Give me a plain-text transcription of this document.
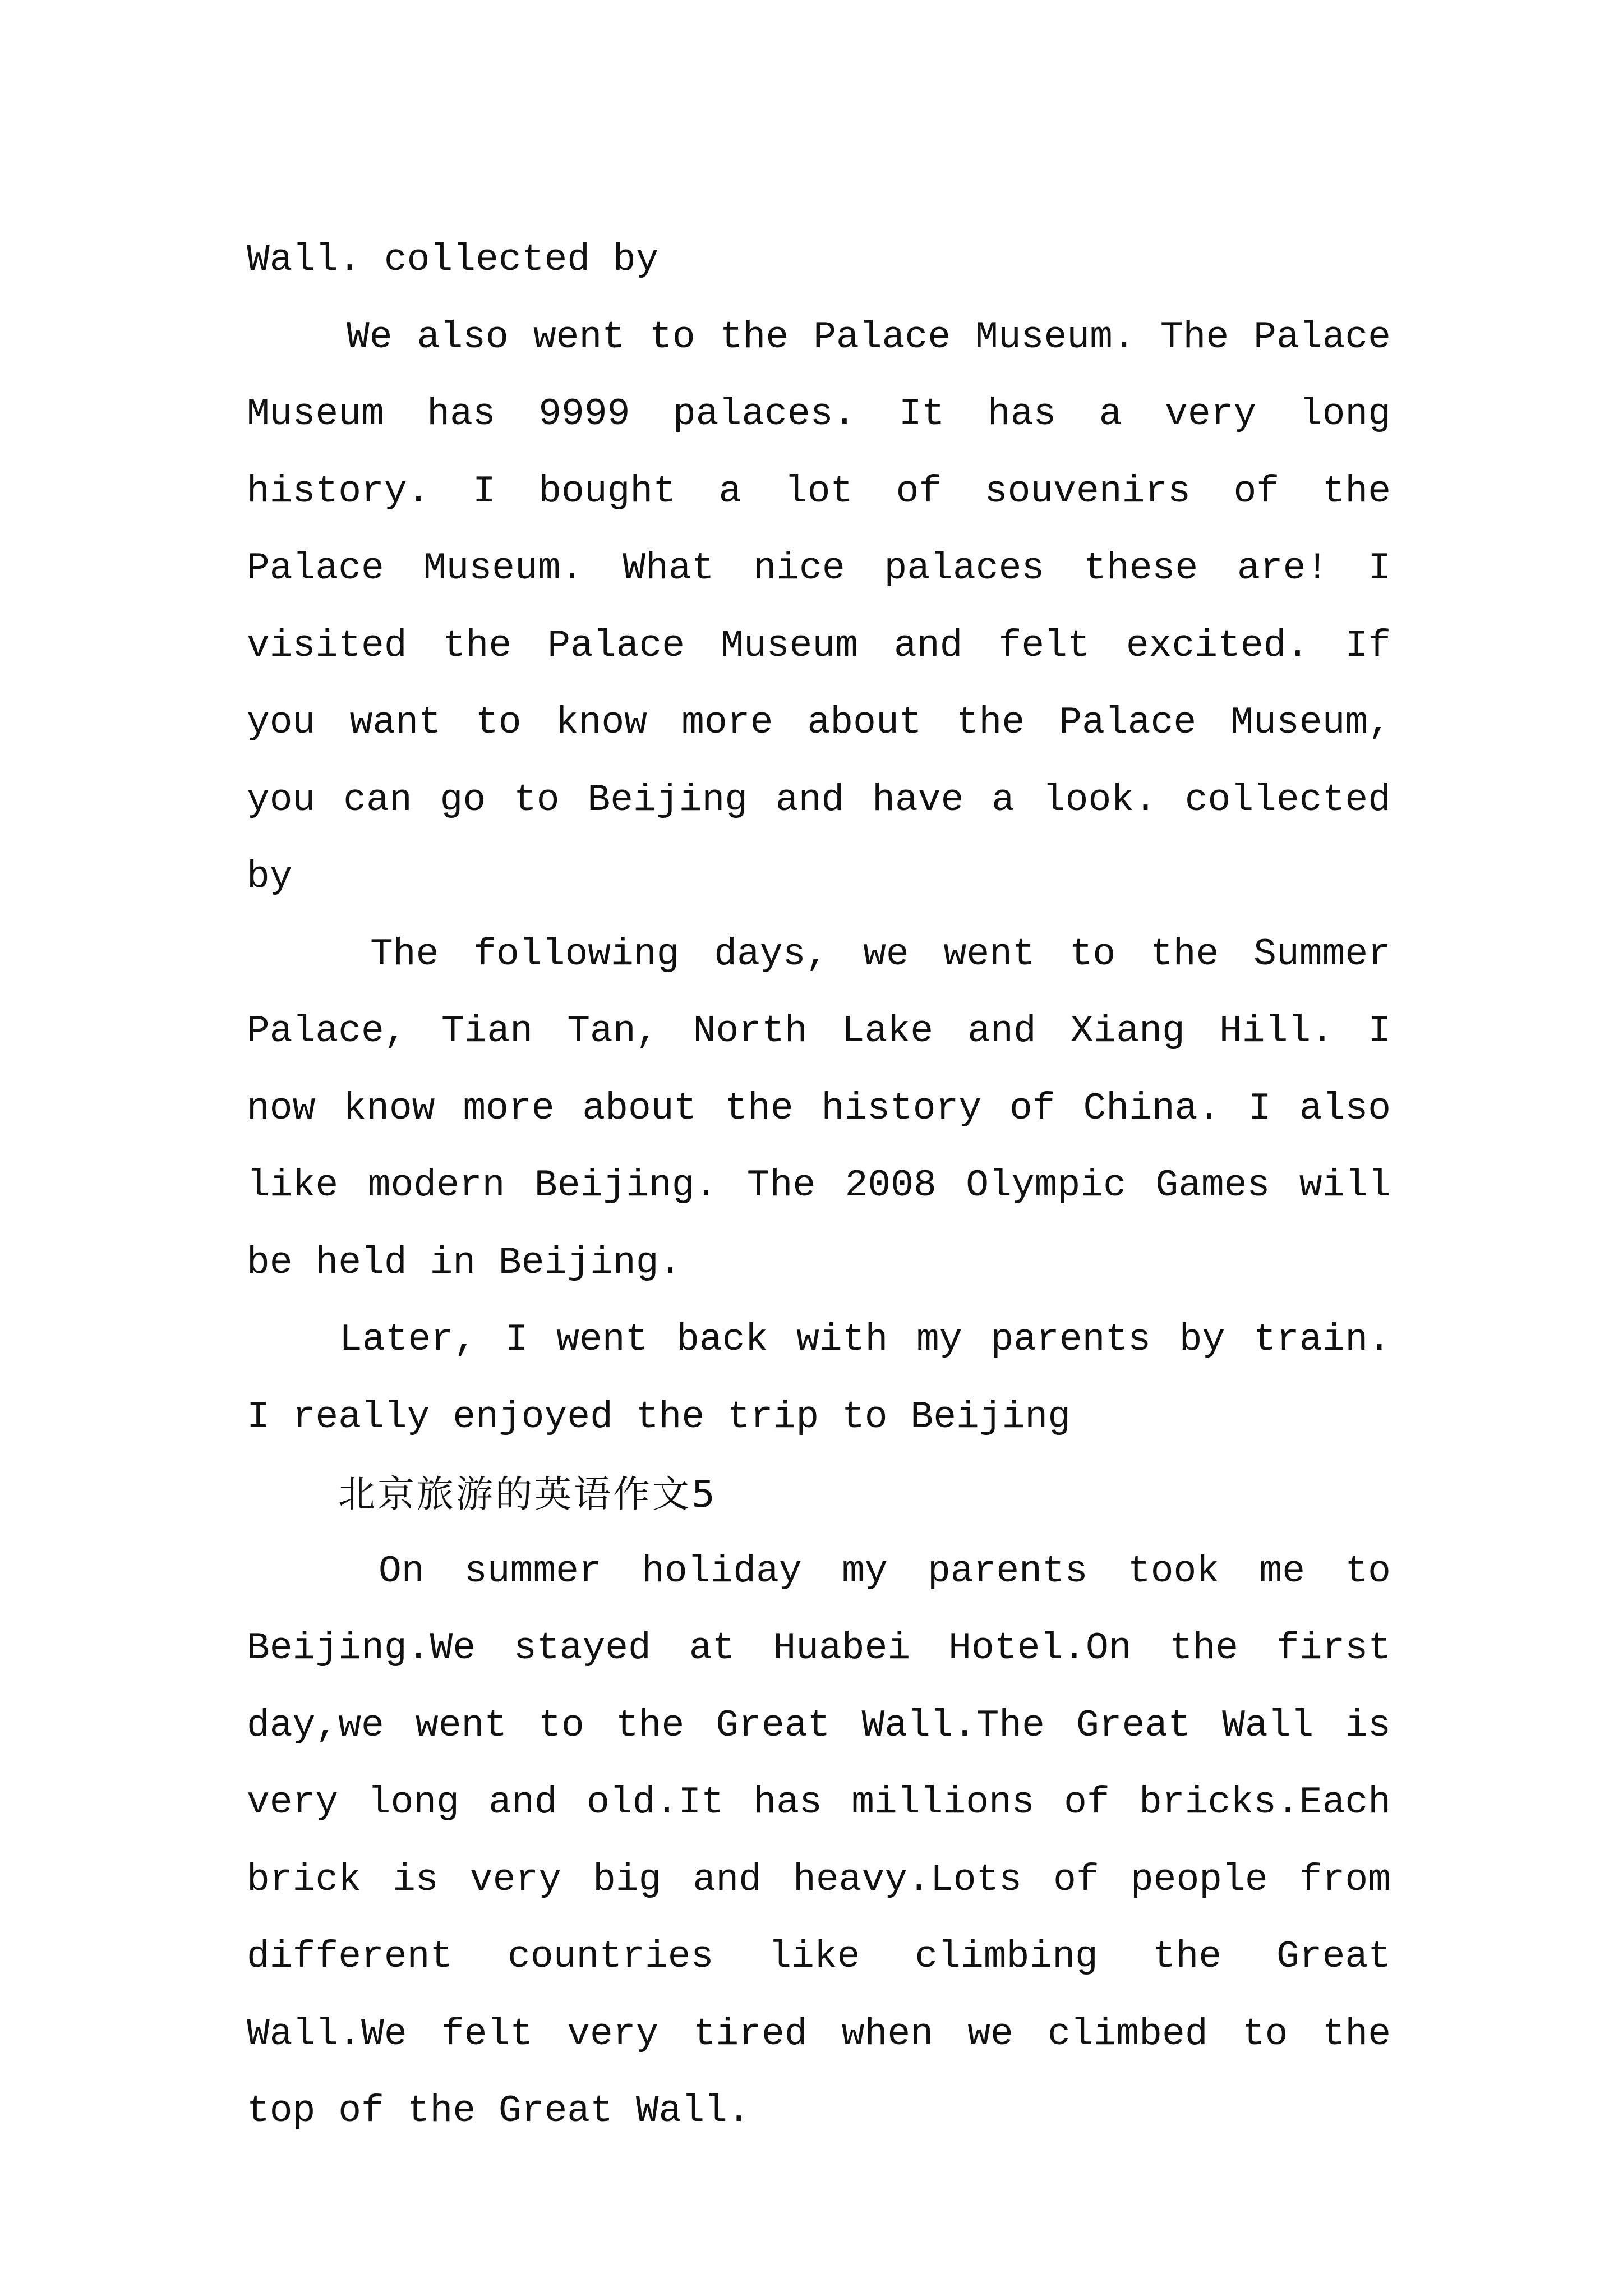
Wall. collected by

We also went to the Palace Museum. The Palace Museum has 9999 palaces. It has a very long history. I bought a lot of souvenirs of the Palace Museum. What nice palaces these are! I visited the Palace Museum and felt excited. If you want to know more about the Palace Museum, you can go to Beijing and have a look. collected by

The following days, we went to the Summer Palace, Tian Tan, North Lake and Xiang Hill. I now know more about the history of China. I also like modern Beijing. The 2008 Olympic Games will be held in Beijing.

Later, I went back with my parents by train. I really enjoyed the trip to Beijing

北京旅游的英语作文5

On summer holiday my parents took me to Beijing.We stayed at Huabei Hotel.On the first day,we went to the Great Wall.The Great Wall is very long and old.It has millions of bricks.Each brick is very big and heavy.Lots of people from different countries like climbing the Great Wall.We felt very tired when we climbed to the top of the Great Wall.
